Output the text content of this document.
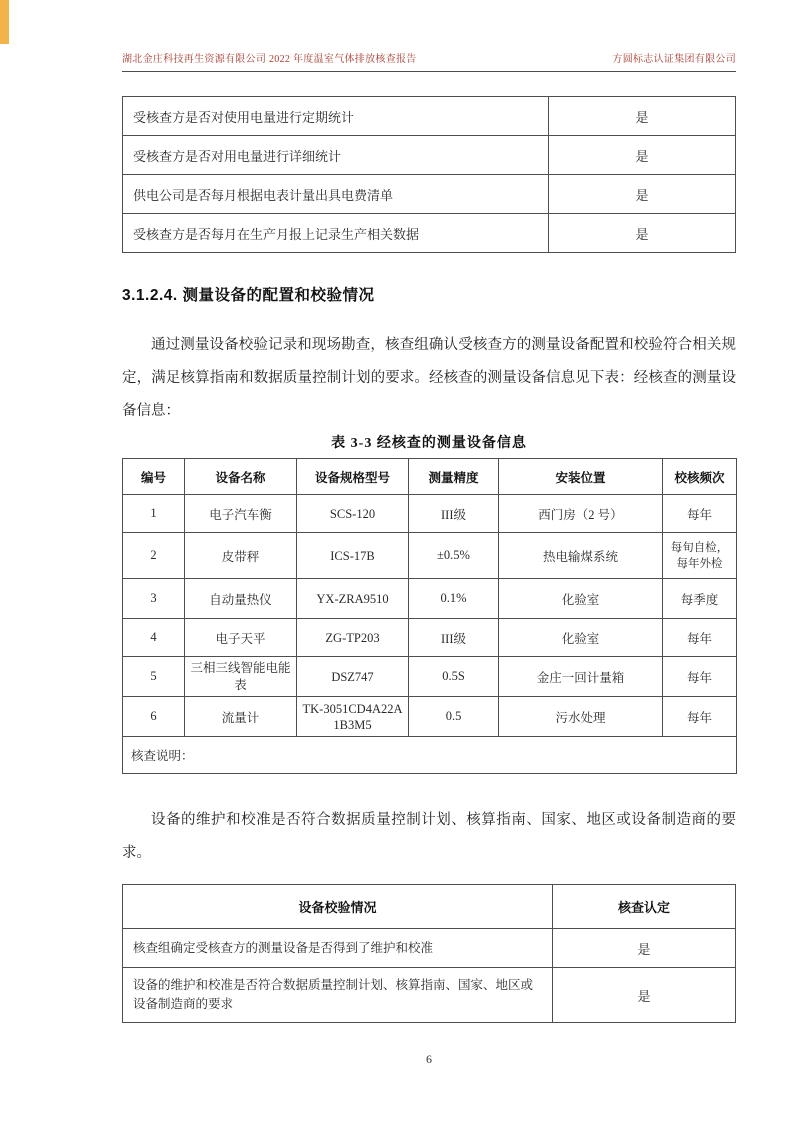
湖北金庄科技再生资源有限公司 2022 年度温室气体排放核查报告	方圆标志认证集团有限公司
受核查方是否对使用电量进行定期统计	是
受核查方是否对用电量进行详细统计	是
供电公司是否每月根据电表计量出具电费清单	是
受核查方是否每月在生产月报上记录生产相关数据	是
3.1.2.4. 测量设备的配置和校验情况

通过测量设备校验记录和现场勘查，核查组确认受核查方的测量设备配置和校验符合相关规定，满足核算指南和数据质量控制计划的要求。经核查的测量设备信息见下表：经核查的测量设备信息：

表 3-3 经核查的测量设备信息
编号	设备名称	设备规格型号	测量精度	安装位置	校核频次
1	电子汽车衡	SCS-120	III级	西门房（2 号）	每年
2	皮带秤	ICS-17B	±0.5%	热电输煤系统	每旬自检，每年外检
3	自动量热仪	YX-ZRA9510	0.1%	化验室	每季度
4	电子天平	ZG-TP203	III级	化验室	每年
5	三相三线智能电能表	DSZ747	0.5S	金庄一回计量箱	每年
6	流量计	TK-3051CD4A22A1B3M5	0.5	污水处理	每年
核查说明：					

设备的维护和校准是否符合数据质量控制计划、核算指南、国家、地区或设备制造商的要求。

设备校验情况	核查认定
核查组确定受核查方的测量设备是否得到了维护和校准	是
设备的维护和校准是否符合数据质量控制计划、核算指南、国家、地区或设备制造商的要求	是
6
